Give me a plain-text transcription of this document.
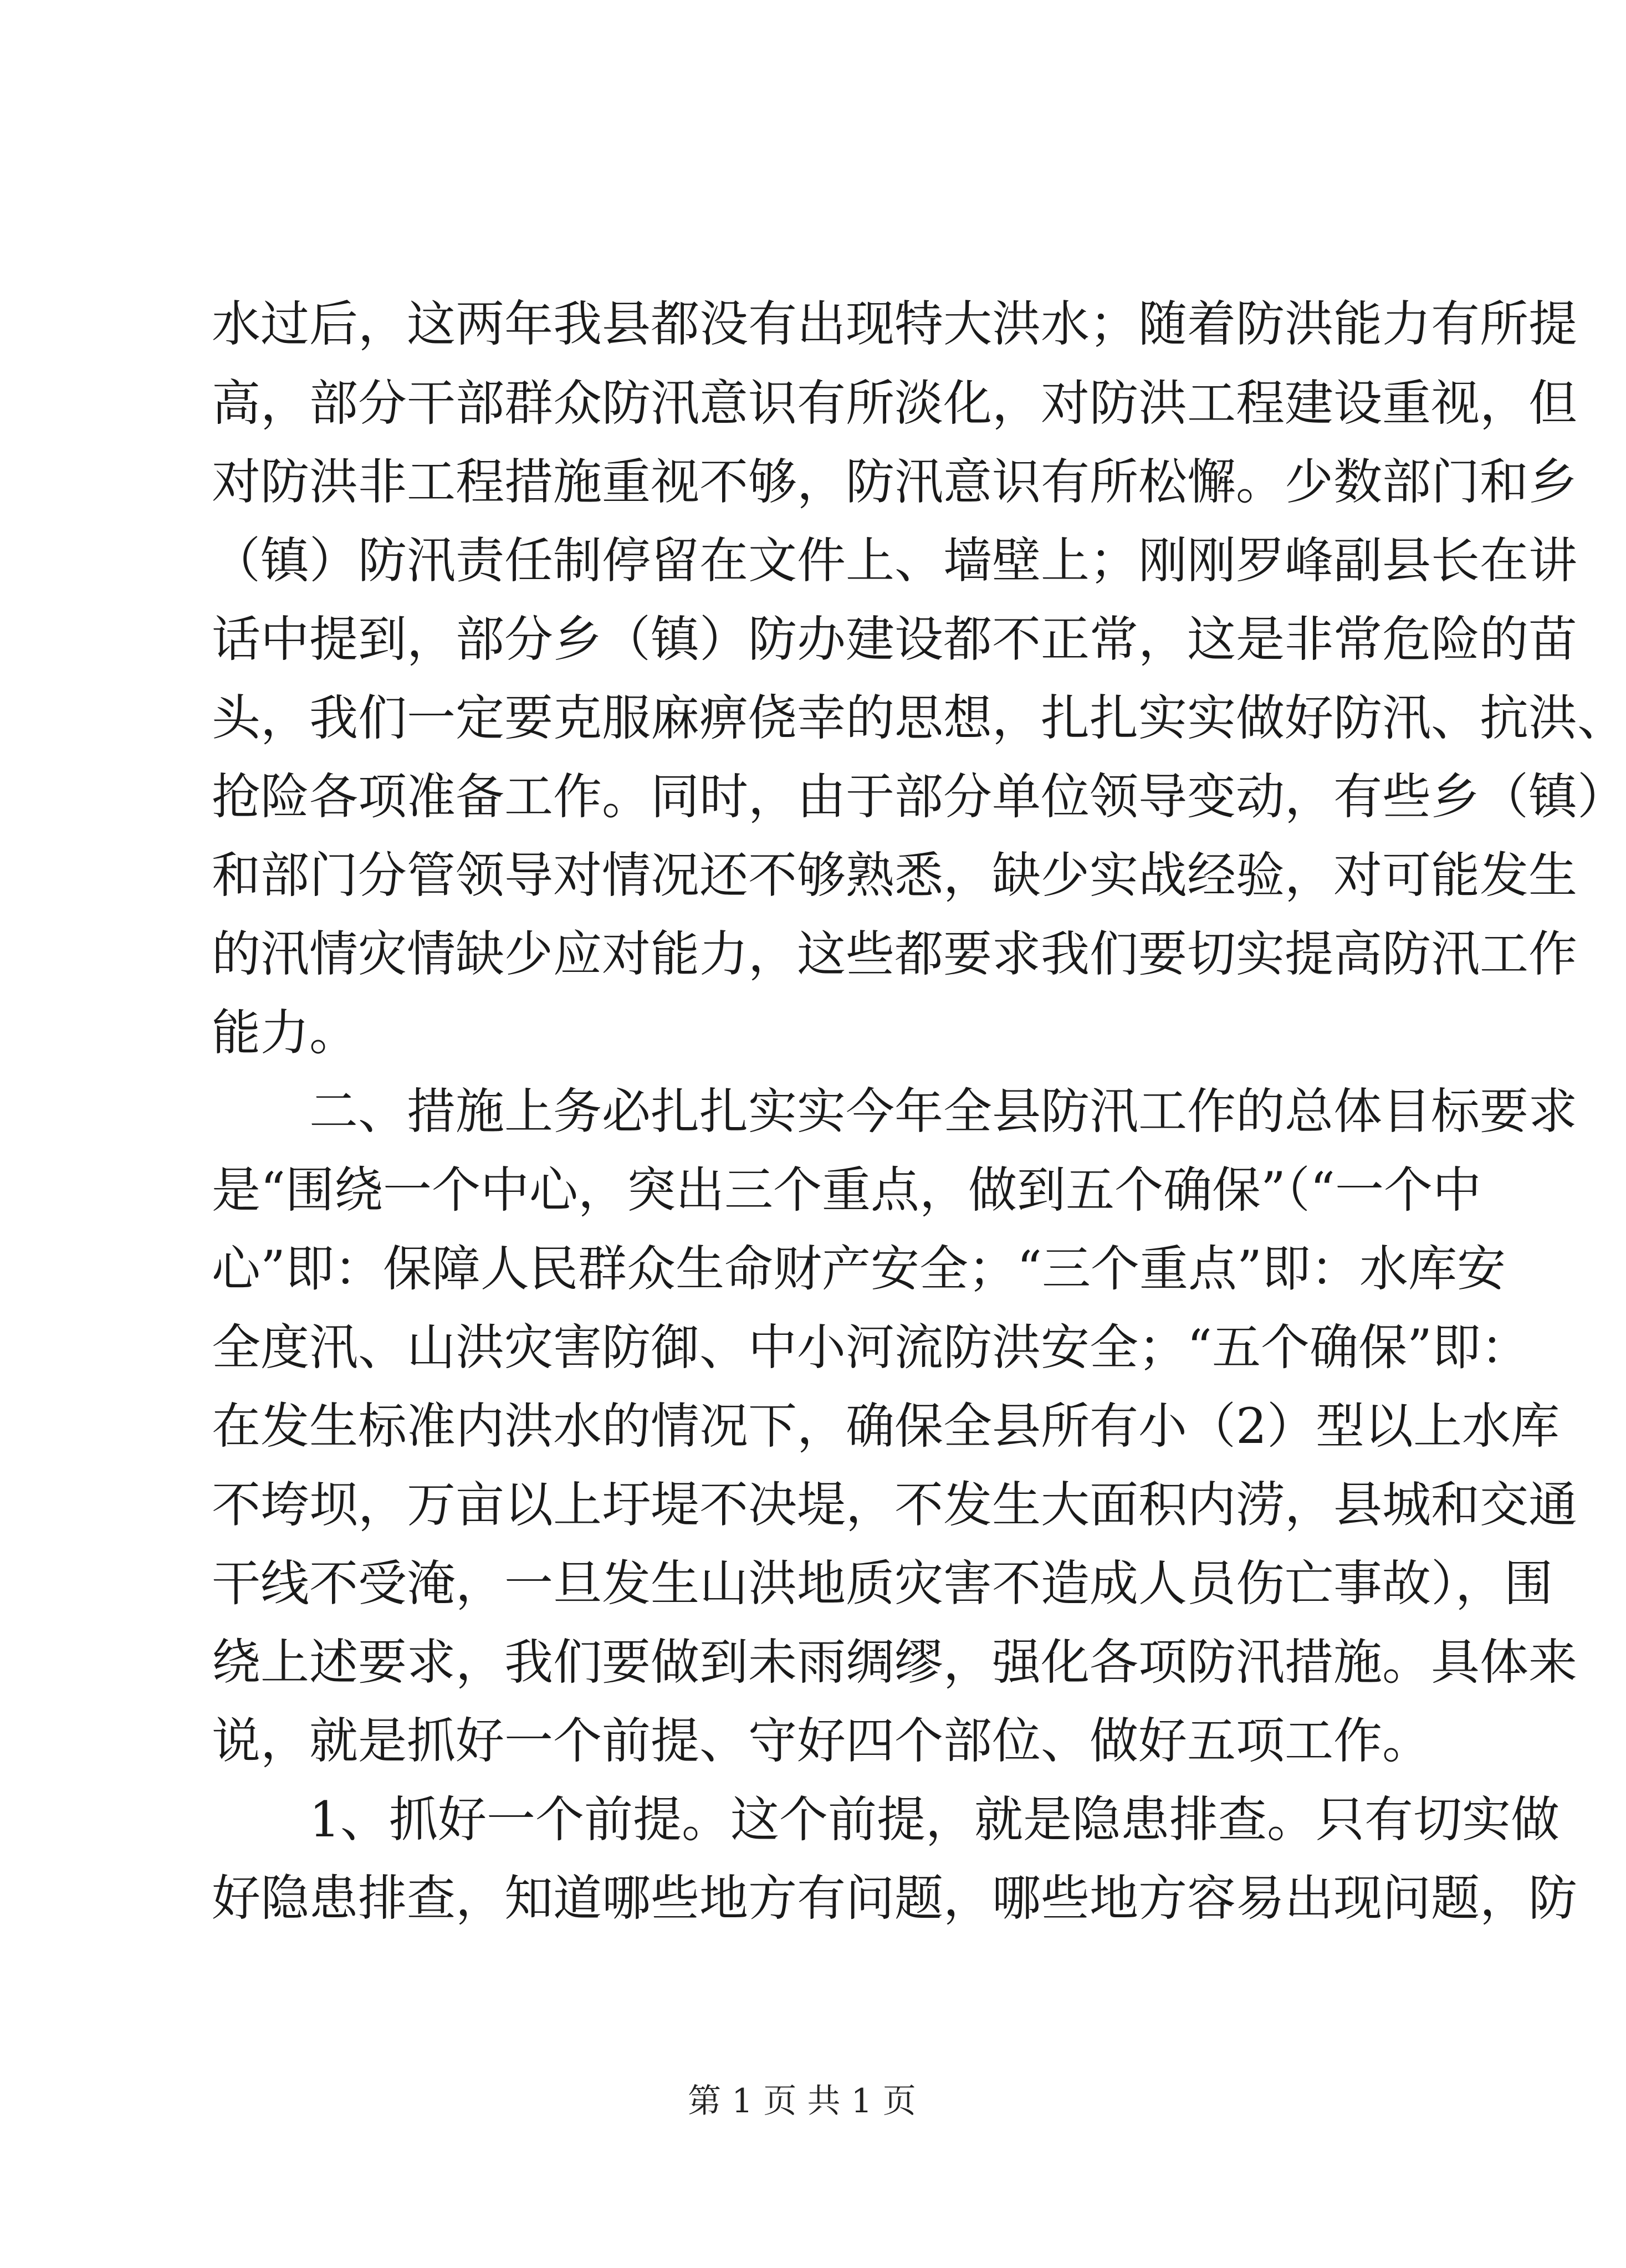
水过后，这两年我县都没有出现特大洪水；随着防洪能力有所提
高，部分干部群众防汛意识有所淡化，对防洪工程建设重视，但
对防洪非工程措施重视不够，防汛意识有所松懈。少数部门和乡
（镇）防汛责任制停留在文件上、墙壁上；刚刚罗峰副县长在讲
话中提到，部分乡（镇）防办建设都不正常，这是非常危险的苗
头，我们一定要克服麻痹侥幸的思想，扎扎实实做好防汛、抗洪、
抢险各项准备工作。同时，由于部分单位领导变动，有些乡（镇）
和部门分管领导对情况还不够熟悉，缺少实战经验，对可能发生
的汛情灾情缺少应对能力，这些都要求我们要切实提高防汛工作
能力。
　　二、措施上务必扎扎实实今年全县防汛工作的总体目标要求
是“围绕一个中心，突出三个重点，做到五个确保”（“一个中
心”即：保障人民群众生命财产安全；“三个重点”即：水库安
全度汛、山洪灾害防御、中小河流防洪安全；“五个确保”即：
在发生标准内洪水的情况下，确保全县所有小（2）型以上水库
不垮坝，万亩以上圩堤不决堤，不发生大面积内涝，县城和交通
干线不受淹，一旦发生山洪地质灾害不造成人员伤亡事故），围
绕上述要求，我们要做到未雨绸缪，强化各项防汛措施。具体来
说，就是抓好一个前提、守好四个部位、做好五项工作。
　　1、抓好一个前提。这个前提，就是隐患排查。只有切实做
好隐患排查，知道哪些地方有问题，哪些地方容易出现问题，防
第 1 页 共 1 页
